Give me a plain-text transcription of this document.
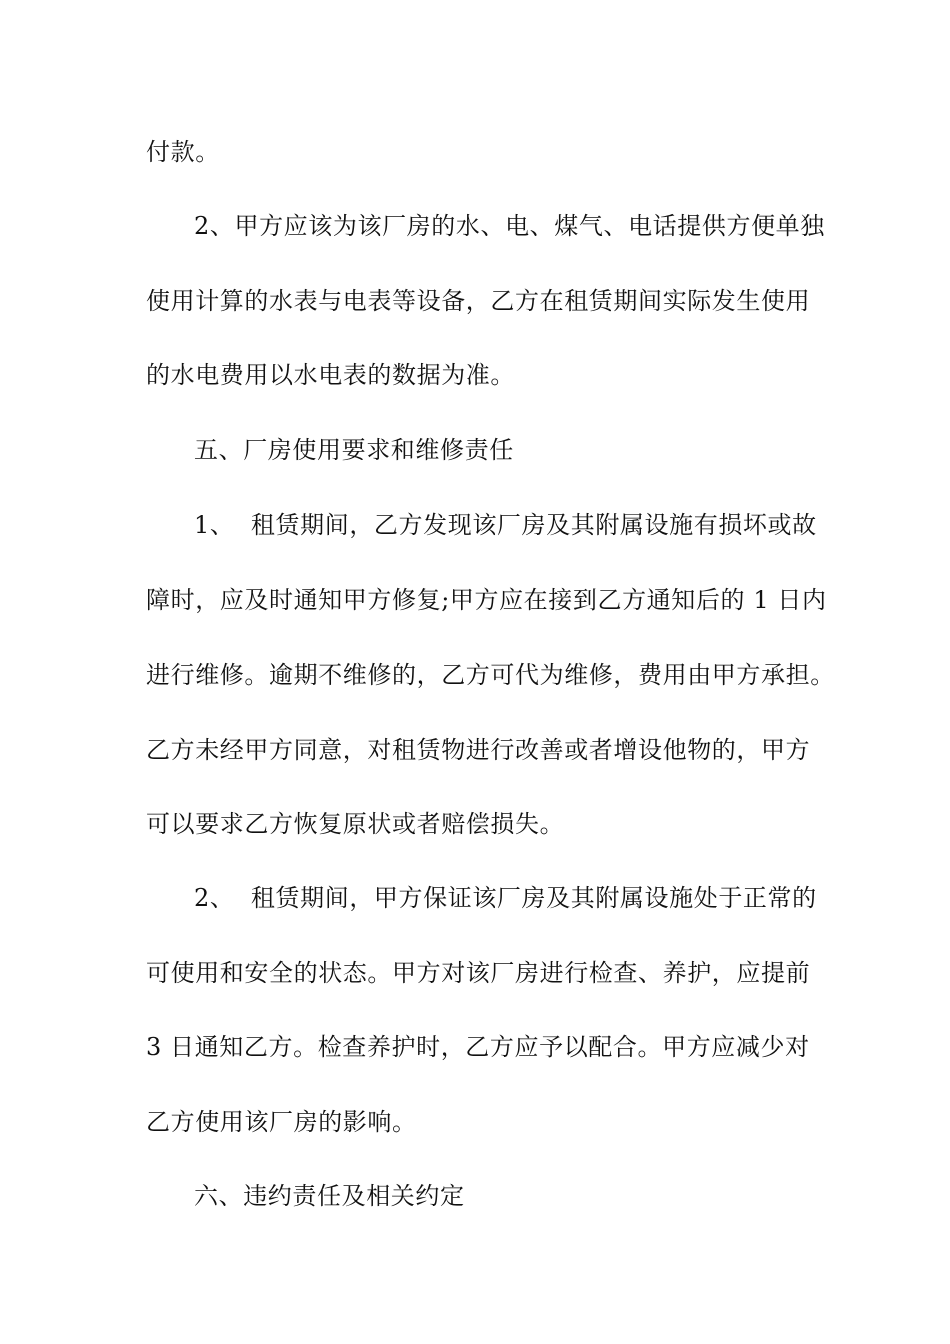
付款。
2、甲方应该为该厂房的水、电、煤气、电话提供方便单独
使用计算的水表与电表等设备，乙方在租赁期间实际发生使用
的水电费用以水电表的数据为准。
五、厂房使用要求和维修责任
1、  租赁期间，乙方发现该厂房及其附属设施有损坏或故
障时，应及时通知甲方修复;甲方应在接到乙方通知后的 1 日内
进行维修。逾期不维修的，乙方可代为维修，费用由甲方承担。
乙方未经甲方同意，对租赁物进行改善或者增设他物的，甲方
可以要求乙方恢复原状或者赔偿损失。
2、  租赁期间，甲方保证该厂房及其附属设施处于正常的
可使用和安全的状态。甲方对该厂房进行检查、养护，应提前
3 日通知乙方。检查养护时，乙方应予以配合。甲方应减少对
乙方使用该厂房的影响。
六、违约责任及相关约定
